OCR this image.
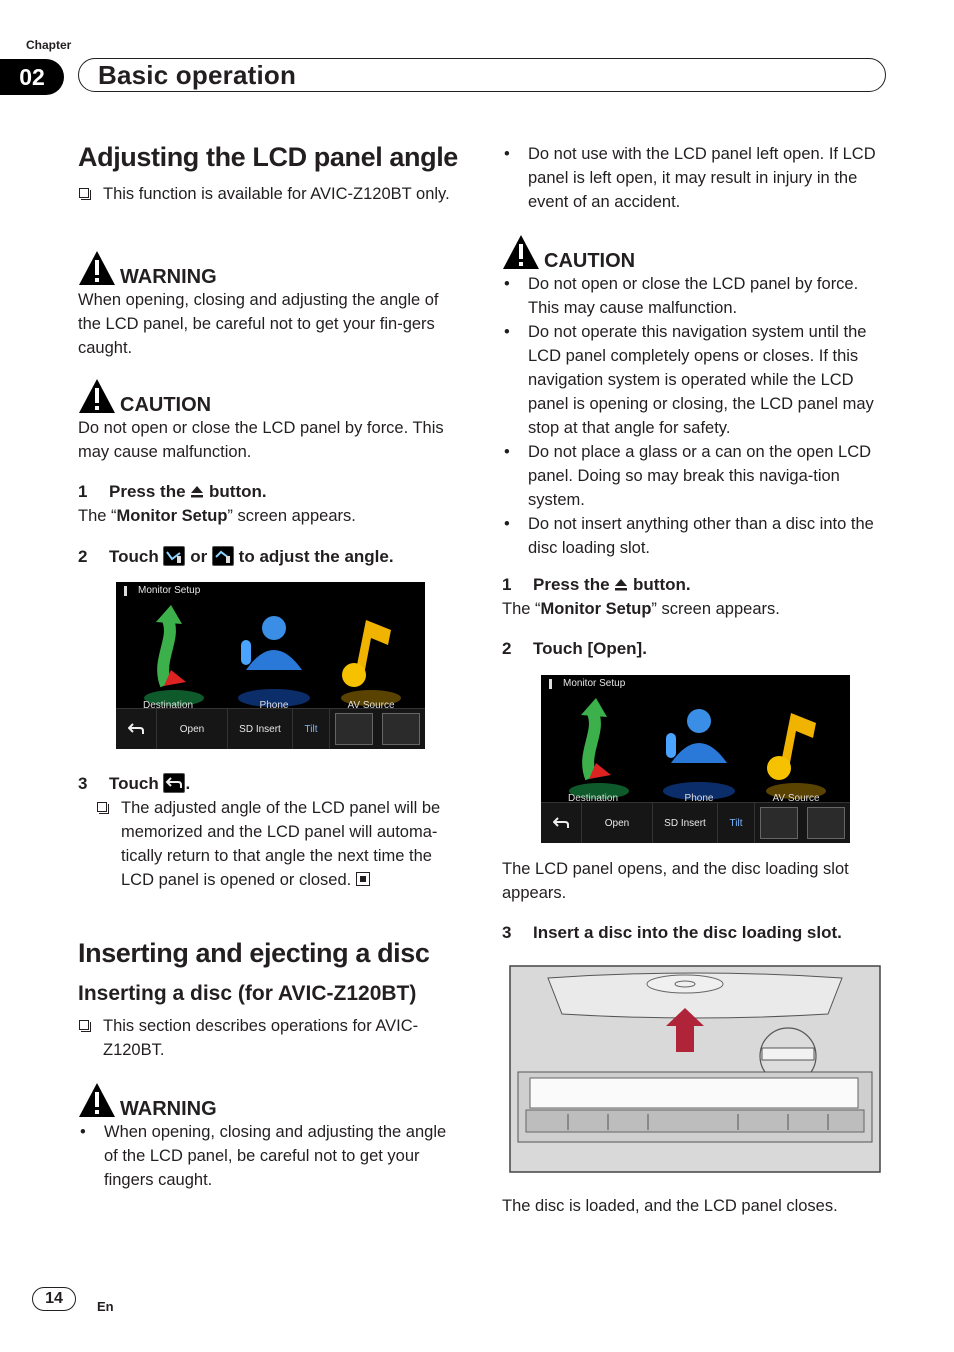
Chapter
02	Basic operation
Adjusting the LCD panel angle
This function is available for AVIC-Z120BT only.
WARNING
When opening, closing and adjusting the angle of the LCD panel, be careful not to get your fin-gers caught.
CAUTION
Do not open or close the LCD panel by force. This may cause malfunction.
1 Press the button.
The “Monitor Setup” screen appears.
2 Touch or to adjust the angle.
Monitor Setup
Destination	Phone	AV Source
Open	SD Insert	Tilt
3 Touch .
The adjusted angle of the LCD panel will be memorized and the LCD panel will automa-tically return to that angle the next time the LCD panel is opened or closed.
Inserting and ejecting a disc
Inserting a disc (for AVIC-Z120BT)
This section describes operations for AVIC-Z120BT.
WARNING
• When opening, closing and adjusting the angle of the LCD panel, be careful not to get your fingers caught.
• Do not use with the LCD panel left open. If LCD panel is left open, it may result in injury in the event of an accident.
CAUTION
• Do not open or close the LCD panel by force. This may cause malfunction.
• Do not operate this navigation system until the LCD panel completely opens or closes. If this navigation system is operated while the LCD panel is opening or closing, the LCD panel may stop at that angle for safety.
• Do not place a glass or a can on the open LCD panel. Doing so may break this naviga-tion system.
• Do not insert anything other than a disc into the disc loading slot.
1 Press the button.
The “Monitor Setup” screen appears.
2 Touch [Open].
Monitor Setup
Destination	Phone	AV Source
Open	SD Insert	Tilt
The LCD panel opens, and the disc loading slot appears.
3 Insert a disc into the disc loading slot.
The disc is loaded, and the LCD panel closes.
14	En
